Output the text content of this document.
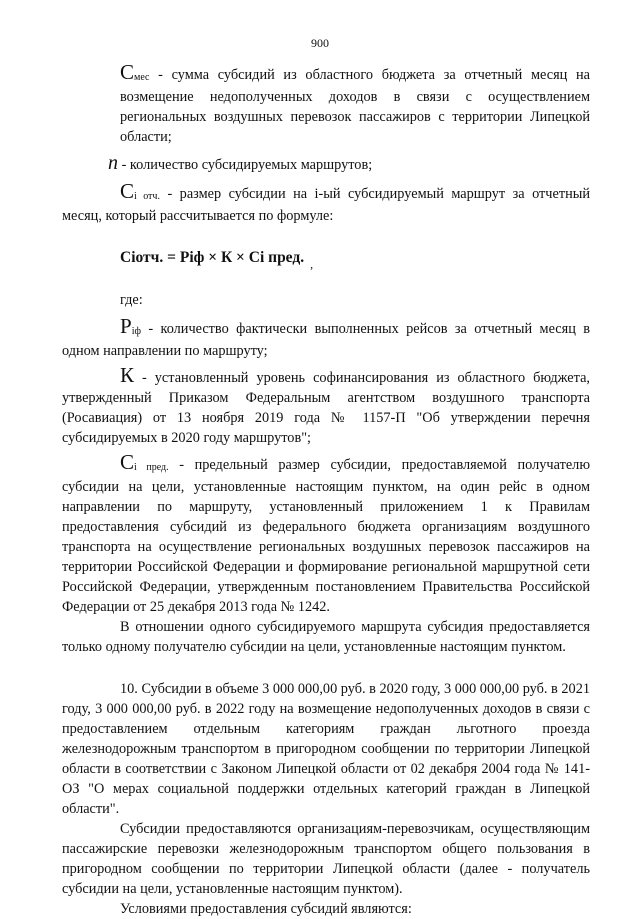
900

$С_{мес}$ - сумма субсидий из областного бюджета за отчетный месяц на возмещение недополученных доходов в связи с осуществлением региональных воздушных перевозок пассажиров с территории Липецкой области;

n - количество субсидируемых маршрутов;

$С_{i отч.}$ - размер субсидии на i-ый субсидируемый маршрут за отчетный месяц, который рассчитывается по формуле:

Сiотч. = Рiф × К × Сi пред. $_,$

где:

$Р_{iф}$ - количество фактически выполненных рейсов за отчетный месяц в одном направлении по маршруту;

К - установленный уровень софинансирования из областного бюджета, утвержденный Приказом Федеральным агентством воздушного транспорта (Росавиация) от 13 ноября 2019 года № 1157-П "Об утверждении перечня субсидируемых в 2020 году маршрутов";

$С_{i пред.}$ - предельный размер субсидии, предоставляемой получателю субсидии на цели, установленные настоящим пунктом, на один рейс в одном направлении по маршруту, установленный приложением 1 к Правилам предоставления субсидий из федерального бюджета организациям воздушного транспорта на осуществление региональных воздушных перевозок пассажиров на территории Российской Федерации и формирование региональной маршрутной сети Российской Федерации, утвержденным постановлением Правительства Российской Федерации от 25 декабря 2013 года № 1242.

В отношении одного субсидируемого маршрута субсидия предоставляется только одному получателю субсидии на цели, установленные настоящим пунктом.

10. Субсидии в объеме 3 000 000,00 руб. в 2020 году, 3 000 000,00 руб. в 2021 году, 3 000 000,00 руб. в 2022 году на возмещение недополученных доходов в связи с предоставлением отдельным категориям граждан льготного проезда железнодорожным транспортом в пригородном сообщении по территории Липецкой области в соответствии с Законом Липецкой области от 02 декабря 2004 года № 141-ОЗ "О мерах социальной поддержки отдельных категорий граждан в Липецкой области".

Субсидии предоставляются организациям-перевозчикам, осуществляющим пассажирские перевозки железнодорожным транспортом общего пользования в пригородном сообщении по территории Липецкой области (далее - получатель субсидии на цели, установленные настоящим пунктом).

Условиями предоставления субсидий являются:
